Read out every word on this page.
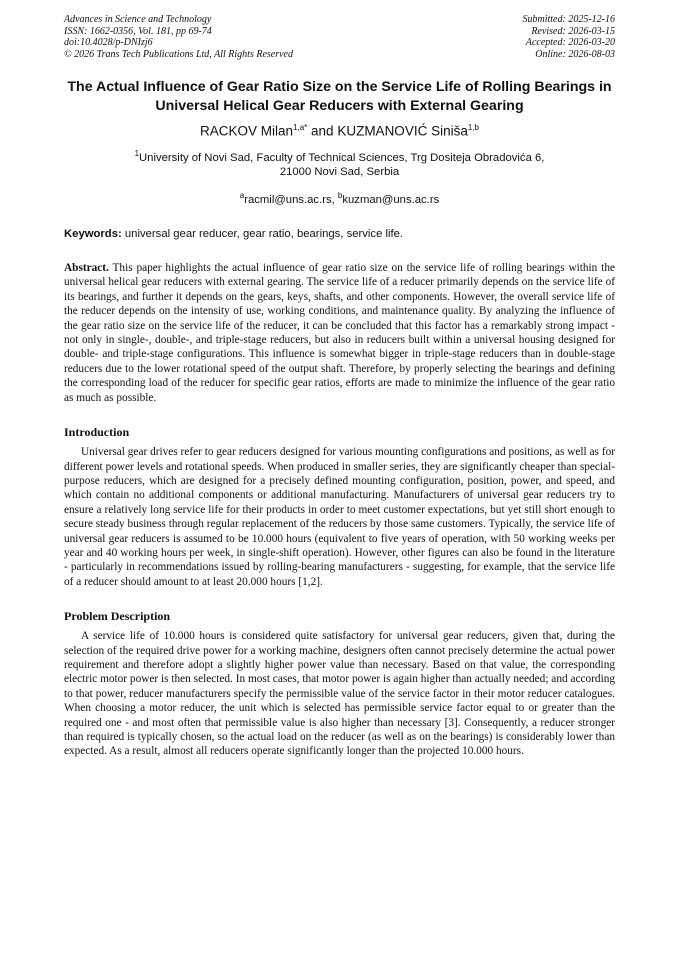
Advances in Science and Technology
ISSN: 1662-0356, Vol. 181, pp 69-74
doi:10.4028/p-DNIzj6
© 2026 Trans Tech Publications Ltd, All Rights Reserved
Submitted: 2025-12-16
Revised: 2026-03-15
Accepted: 2026-03-20
Online: 2026-08-03
The Actual Influence of Gear Ratio Size on the Service Life of Rolling Bearings in Universal Helical Gear Reducers with External Gearing
RACKOV Milan$^{1,a*}$ and KUZMANOVIĆ Siniša$^{1,b}$
$^1$University of Novi Sad, Faculty of Technical Sciences, Trg Dositeja Obradovića 6,
21000 Novi Sad, Serbia
$^a$racmil@uns.ac.rs, $^b$kuzman@uns.ac.rs
Keywords: universal gear reducer, gear ratio, bearings, service life.
Abstract. This paper highlights the actual influence of gear ratio size on the service life of rolling bearings within the universal helical gear reducers with external gearing. The service life of a reducer primarily depends on the service life of its bearings, and further it depends on the gears, keys, shafts, and other components. However, the overall service life of the reducer depends on the intensity of use, working conditions, and maintenance quality. By analyzing the influence of the gear ratio size on the service life of the reducer, it can be concluded that this factor has a remarkably strong impact - not only in single-, double-, and triple-stage reducers, but also in reducers built within a universal housing designed for double- and triple-stage configurations. This influence is somewhat bigger in triple-stage reducers than in double-stage reducers due to the lower rotational speed of the output shaft. Therefore, by properly selecting the bearings and defining the corresponding load of the reducer for specific gear ratios, efforts are made to minimize the influence of the gear ratio as much as possible.
Introduction

Universal gear drives refer to gear reducers designed for various mounting configurations and positions, as well as for different power levels and rotational speeds. When produced in smaller series, they are significantly cheaper than special-purpose reducers, which are designed for a precisely defined mounting configuration, position, power, and speed, and which contain no additional components or additional manufacturing. Manufacturers of universal gear reducers try to ensure a relatively long service life for their products in order to meet customer expectations, but yet still short enough to secure steady business through regular replacement of the reducers by those same customers. Typically, the service life of universal gear reducers is assumed to be 10.000 hours (equivalent to five years of operation, with 50 working weeks per year and 40 working hours per week, in single-shift operation). However, other figures can also be found in the literature - particularly in recommendations issued by rolling-bearing manufacturers - suggesting, for example, that the service life of a reducer should amount to at least 20.000 hours [1,2].

Problem Description

A service life of 10.000 hours is considered quite satisfactory for universal gear reducers, given that, during the selection of the required drive power for a working machine, designers often cannot precisely determine the actual power requirement and therefore adopt a slightly higher power value than necessary. Based on that value, the corresponding electric motor power is then selected. In most cases, that motor power is again higher than actually needed; and according to that power, reducer manufacturers specify the permissible value of the service factor in their motor reducer catalogues. When choosing a motor reducer, the unit which is selected has permissible service factor equal to or greater than the required one - and most often that permissible value is also higher than necessary [3]. Consequently, a reducer stronger than required is typically chosen, so the actual load on the reducer (as well as on the bearings) is considerably lower than expected. As a result, almost all reducers operate significantly longer than the projected 10.000 hours.
